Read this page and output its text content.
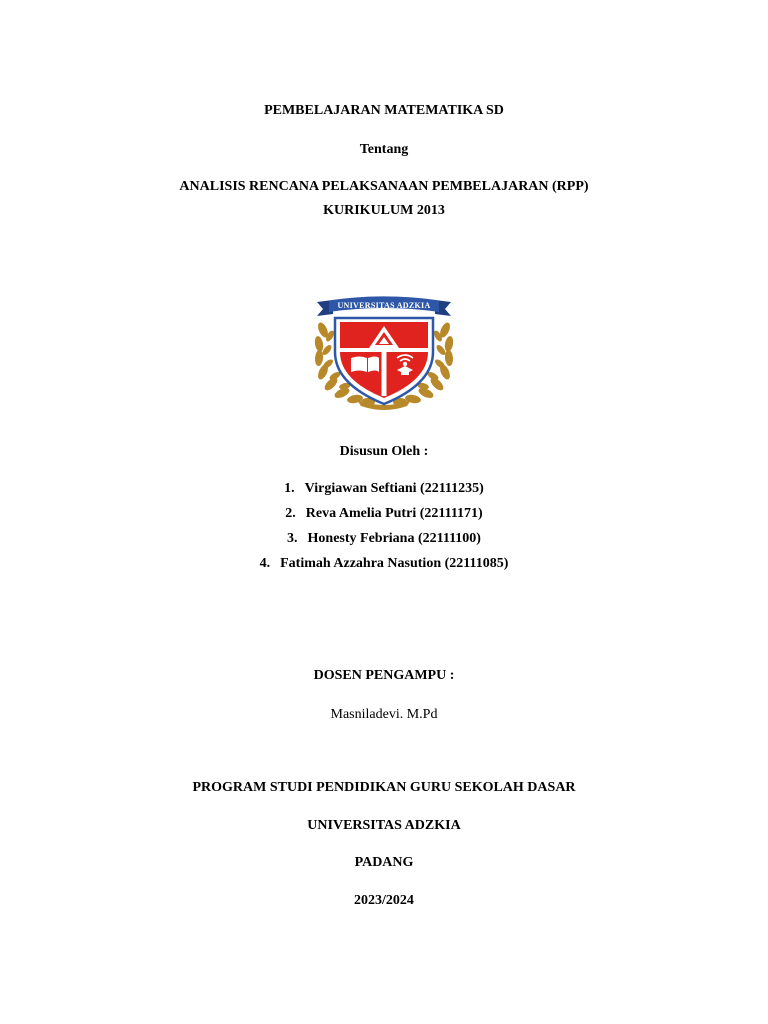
PEMBELAJARAN MATEMATIKA SD
Tentang
ANALISIS RENCANA PELAKSANAAN PEMBELAJARAN (RPP)
KURIKULUM 2013
UNIVERSITAS ADZKIA
Disusun Oleh :
1. Virgiawan Seftiani (22111235)
2. Reva Amelia Putri (22111171)
3. Honesty Febriana (22111100)
4. Fatimah Azzahra Nasution (22111085)
DOSEN PENGAMPU :
Masniladevi. M.Pd
PROGRAM STUDI PENDIDIKAN GURU SEKOLAH DASAR
UNIVERSITAS ADZKIA
PADANG
2023/2024
